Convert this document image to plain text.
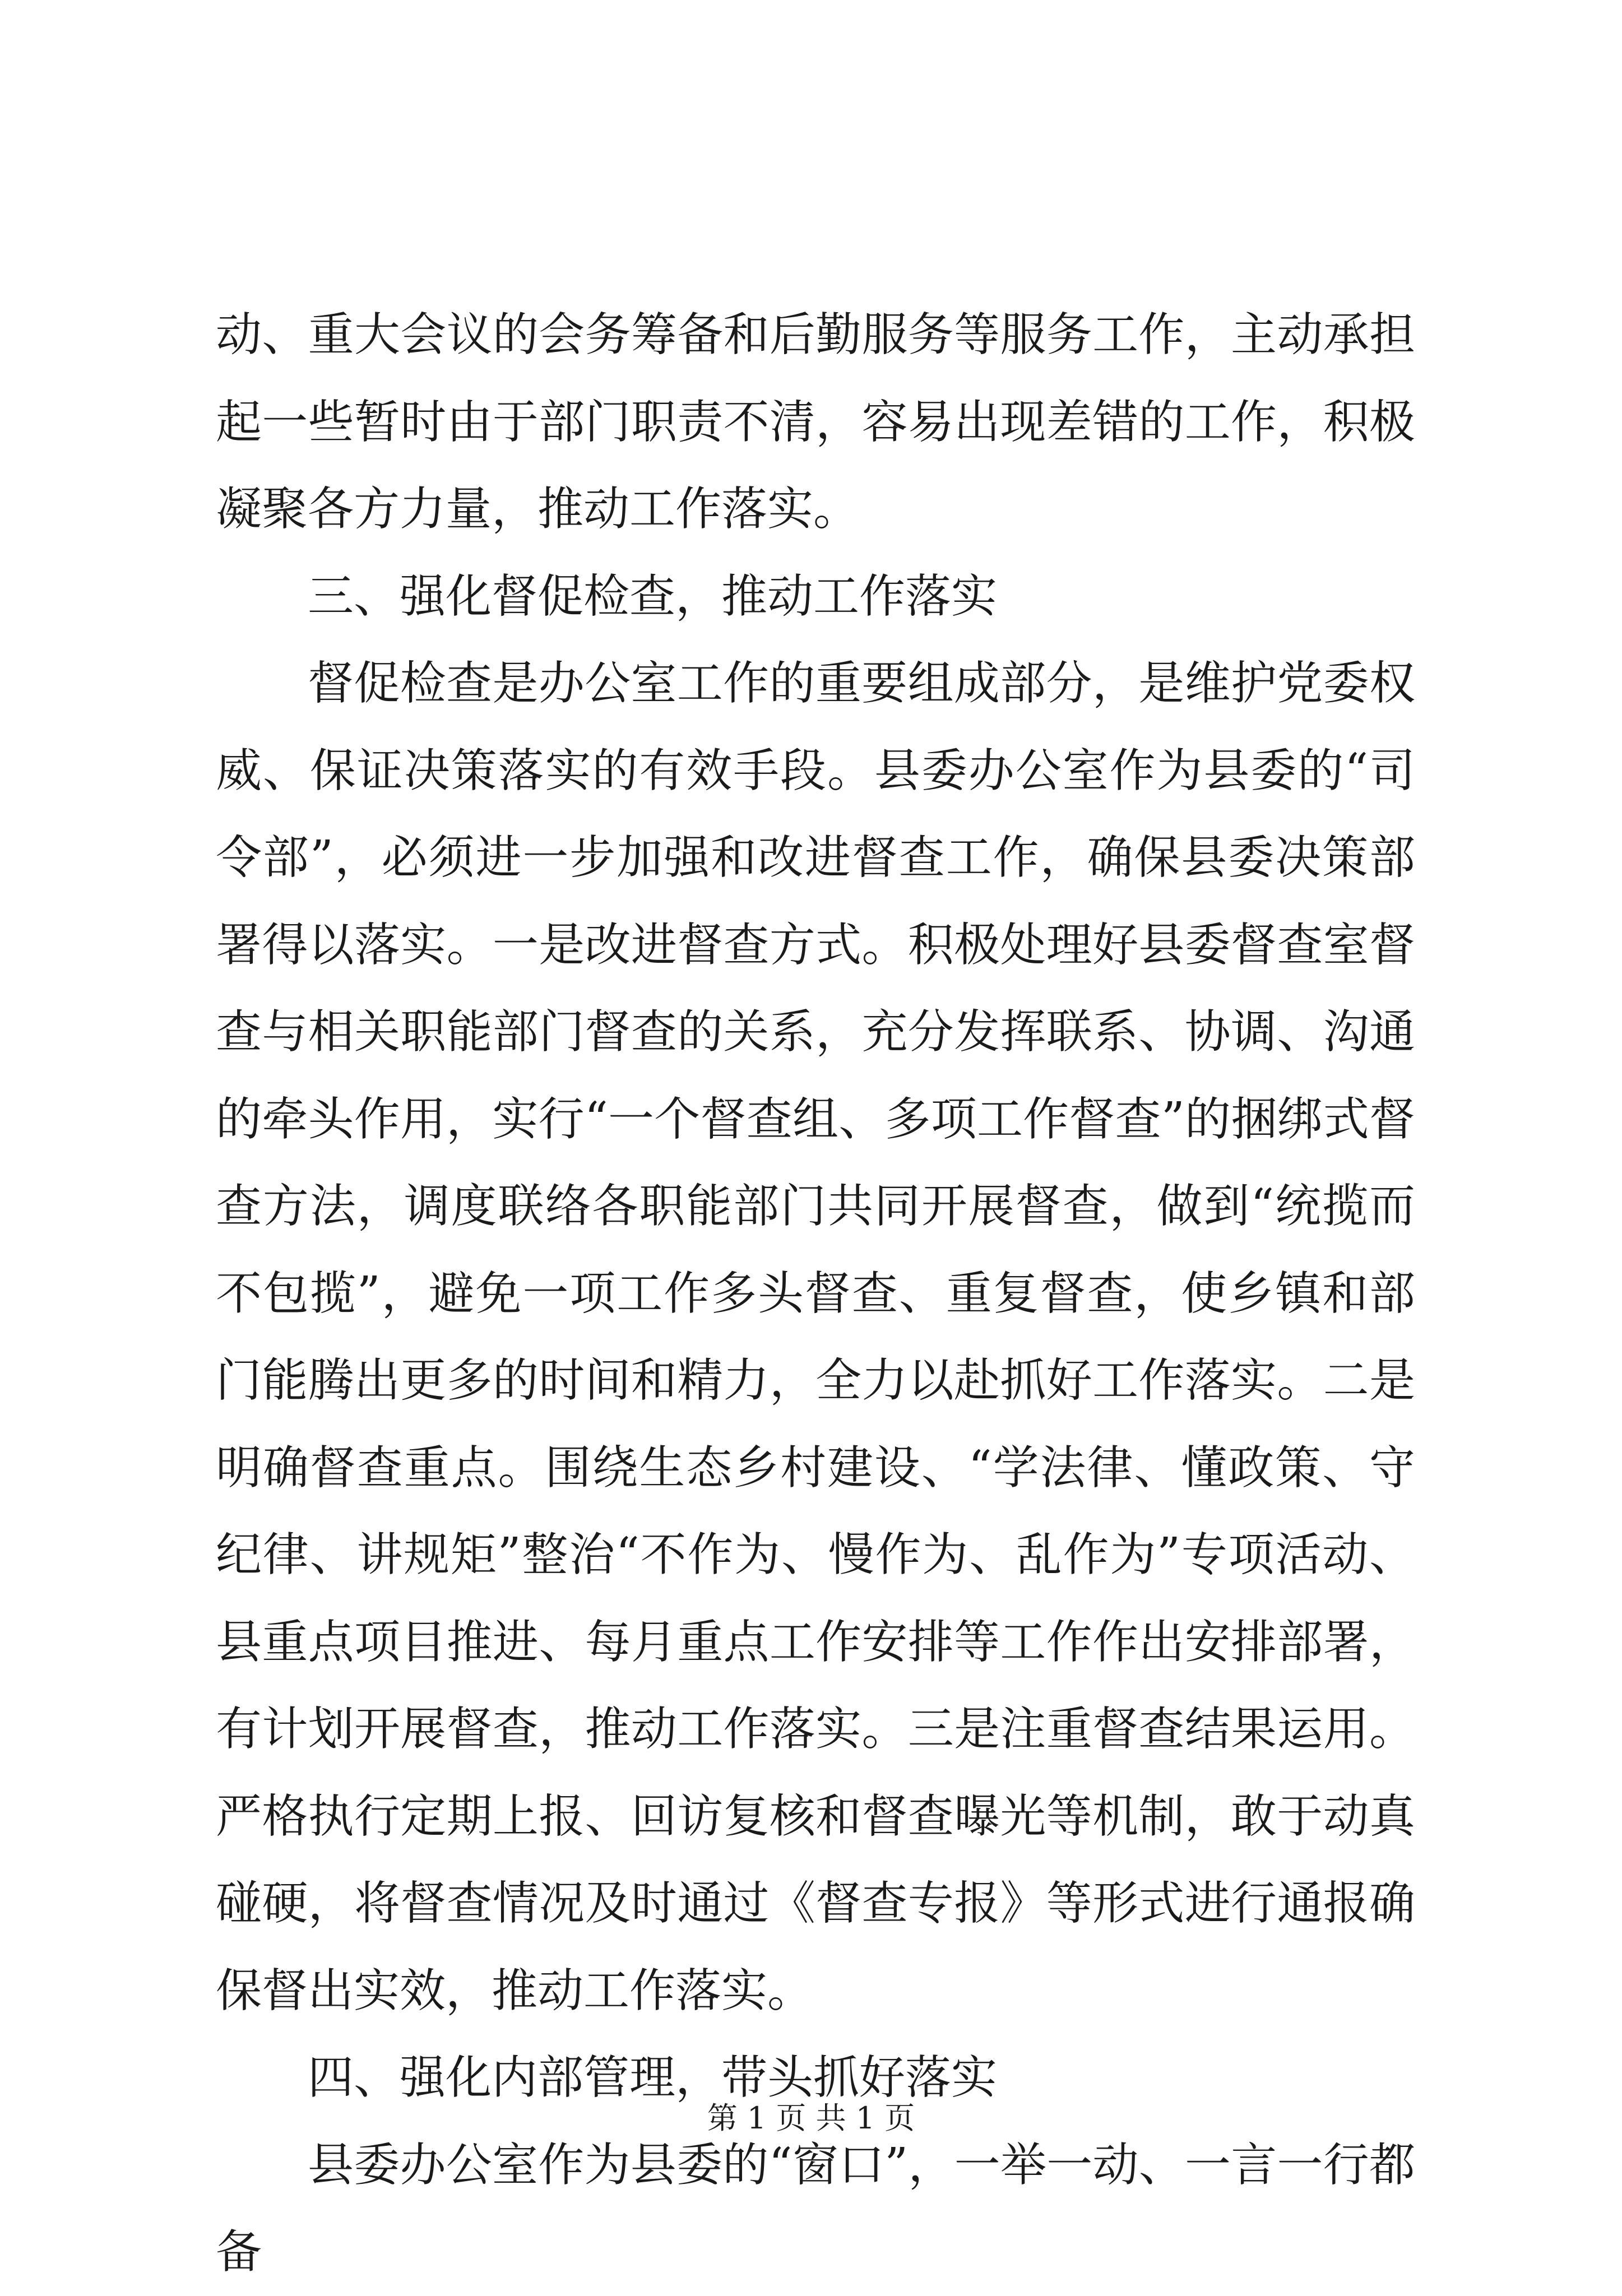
动、重大会议的会务筹备和后勤服务等服务工作，主动承担起一些暂时由于部门职责不清，容易出现差错的工作，积极凝聚各方力量，推动工作落实。

三、强化督促检查，推动工作落实

督促检查是办公室工作的重要组成部分，是维护党委权威、保证决策落实的有效手段。县委办公室作为县委的“司令部”，必须进一步加强和改进督查工作，确保县委决策部署得以落实。一是改进督查方式。积极处理好县委督查室督查与相关职能部门督查的关系，充分发挥联系、协调、沟通的牵头作用，实行“一个督查组、多项工作督查”的捆绑式督查方法，调度联络各职能部门共同开展督查，做到“统揽而不包揽”，避免一项工作多头督查、重复督查，使乡镇和部门能腾出更多的时间和精力，全力以赴抓好工作落实。二是明确督查重点。围绕生态乡村建设、“学法律、懂政策、守纪律、讲规矩”整治“不作为、慢作为、乱作为”专项活动、县重点项目推进、每月重点工作安排等工作作出安排部署，有计划开展督查，推动工作落实。三是注重督查结果运用。严格执行定期上报、回访复核和督查曝光等机制，敢于动真碰硬，将督查情况及时通过《督查专报》等形式进行通报确保督出实效，推动工作落实。

四、强化内部管理，带头抓好落实

县委办公室作为县委的“窗口”，一举一动、一言一行都备

第 1 页 共 1 页
